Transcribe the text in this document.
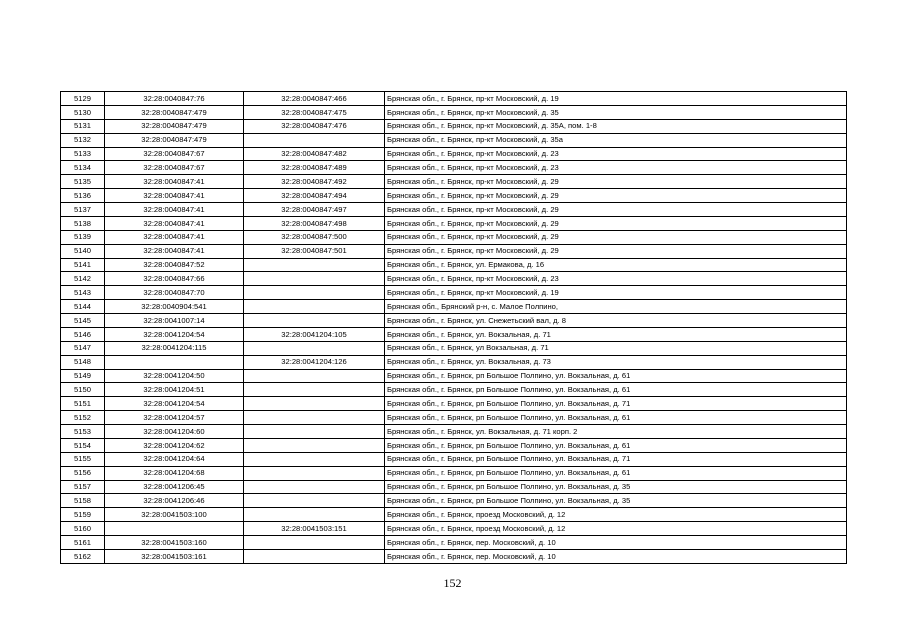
5129	32:28:0040847:76	32:28:0040847:466	Брянская обл., г. Брянск, пр-кт Московский, д. 19
5130	32:28:0040847:479	32:28:0040847:475	Брянская обл., г. Брянск, пр-кт Московский, д. 35
5131	32:28:0040847:479	32:28:0040847:476	Брянская обл., г. Брянск, пр-кт Московский, д. 35А, пом. 1-8
5132	32:28:0040847:479		Брянская обл., г. Брянск, пр-кт Московский, д. 35а
5133	32:28:0040847:67	32:28:0040847:482	Брянская обл., г. Брянск, пр-кт Московский, д. 23
5134	32:28:0040847:67	32:28:0040847:489	Брянская обл., г. Брянск, пр-кт Московский, д. 23
5135	32:28:0040847:41	32:28:0040847:492	Брянская обл., г. Брянск, пр-кт Московский, д. 29
5136	32:28:0040847:41	32:28:0040847:494	Брянская обл., г. Брянск, пр-кт Московский, д. 29
5137	32:28:0040847:41	32:28:0040847:497	Брянская обл., г. Брянск, пр-кт Московский, д. 29
5138	32:28:0040847:41	32:28:0040847:498	Брянская обл., г. Брянск, пр-кт Московский, д. 29
5139	32:28:0040847:41	32:28:0040847:500	Брянская обл., г. Брянск, пр-кт Московский, д. 29
5140	32:28:0040847:41	32:28:0040847:501	Брянская обл., г. Брянск, пр-кт Московский, д. 29
5141	32:28:0040847:52		Брянская обл., г. Брянск, ул. Ермакова, д. 16
5142	32:28:0040847:66		Брянская обл., г. Брянск, пр-кт Московский, д. 23
5143	32:28:0040847:70		Брянская обл., г. Брянск, пр-кт Московский, д. 19
5144	32:28:0040904:541		Брянская обл., Брянский р-н, с. Малое Полпино,
5145	32:28:0041007:14		Брянская обл., г. Брянск, ул. Снежетьский вал, д. 8
5146	32:28:0041204:54	32:28:0041204:105	Брянская обл., г. Брянск, ул. Вокзальная, д. 71
5147	32:28:0041204:115		Брянская обл., г. Брянск, ул Вокзальная, д. 71
5148		32:28:0041204:126	Брянская обл., г. Брянск, ул. Вокзальная, д. 73
5149	32:28:0041204:50		Брянская обл., г. Брянск, рп Большое Полпино, ул. Вокзальная, д. 61
5150	32:28:0041204:51		Брянская обл., г. Брянск, рп Большое Полпино, ул. Вокзальная, д. 61
5151	32:28:0041204:54		Брянская обл., г. Брянск, рп Большое Полпино, ул. Вокзальная, д. 71
5152	32:28:0041204:57		Брянская обл., г. Брянск, рп Большое Полпино, ул. Вокзальная, д. 61
5153	32:28:0041204:60		Брянская обл., г. Брянск, ул. Вокзальная, д. 71 корп. 2
5154	32:28:0041204:62		Брянская обл., г. Брянск, рп Большое Полпино, ул. Вокзальная, д. 61
5155	32:28:0041204:64		Брянская обл., г. Брянск, рп Большое Полпино, ул. Вокзальная, д. 71
5156	32:28:0041204:68		Брянская обл., г. Брянск, рп Большое Полпино, ул. Вокзальная, д. 61
5157	32:28:0041206:45		Брянская обл., г. Брянск, рп Большое Полпино, ул. Вокзальная, д. 35
5158	32:28:0041206:46		Брянская обл., г. Брянск, рп Большое Полпино, ул. Вокзальная, д. 35
5159	32:28:0041503:100		Брянская обл., г. Брянск, проезд Московский, д. 12
5160		32:28:0041503:151	Брянская обл., г. Брянск, проезд Московский, д. 12
5161	32:28:0041503:160		Брянская обл., г. Брянск, пер. Московский, д. 10
5162	32:28:0041503:161		Брянская обл., г. Брянск, пер. Московский, д. 10
152
